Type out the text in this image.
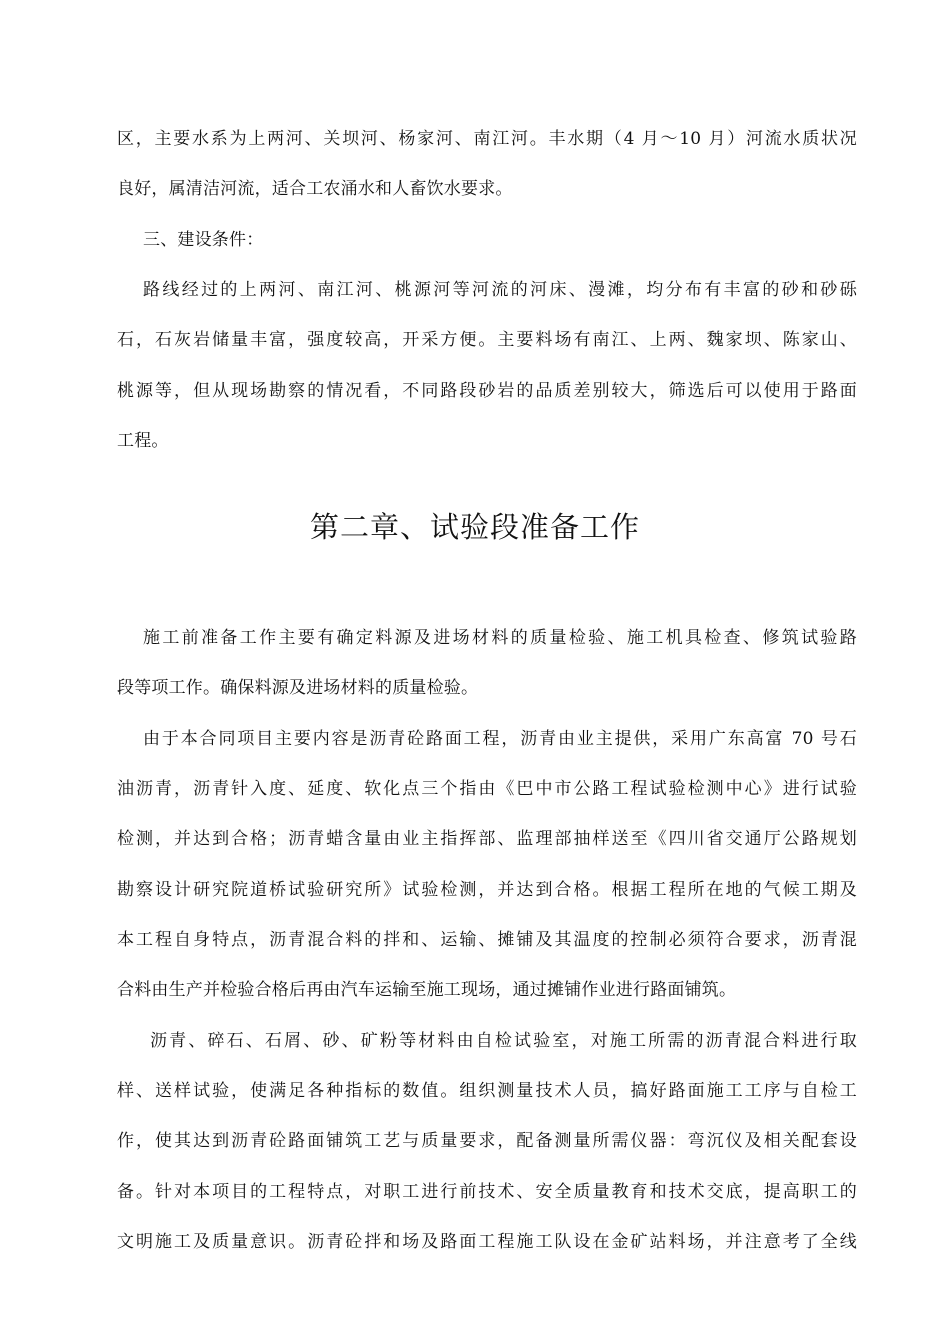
区，主要水系为上两河、关坝河、杨家河、南江河。丰水期（4 月～10 月）河流水质状况
良好，属清洁河流，适合工农涌水和人畜饮水要求。
三、建设条件：
路线经过的上两河、南江河、桃源河等河流的河床、漫滩，均分布有丰富的砂和砂砾
石，石灰岩储量丰富，强度较高，开采方便。主要料场有南江、上两、魏家坝、陈家山、
桃源等，但从现场勘察的情况看，不同路段砂岩的品质差别较大，筛选后可以使用于路面
工程。
第二章、试验段准备工作
施工前准备工作主要有确定料源及进场材料的质量检验、施工机具检查、修筑试验路
段等项工作。确保料源及进场材料的质量检验。
由于本合同项目主要内容是沥青砼路面工程，沥青由业主提供，采用广东高富 70 号石
油沥青，沥青针入度、延度、软化点三个指由《巴中市公路工程试验检测中心》进行试验
检测，并达到合格；沥青蜡含量由业主指挥部、监理部抽样送至《四川省交通厅公路规划
勘察设计研究院道桥试验研究所》试验检测，并达到合格。根据工程所在地的气候工期及
本工程自身特点，沥青混合料的拌和、运输、摊铺及其温度的控制必须符合要求，沥青混
合料由生产并检验合格后再由汽车运输至施工现场，通过摊铺作业进行路面铺筑。
沥青、碎石、石屑、砂、矿粉等材料由自检试验室，对施工所需的沥青混合料进行取
样、送样试验，使满足各种指标的数值。组织测量技术人员，搞好路面施工工序与自检工
作，使其达到沥青砼路面铺筑工艺与质量要求，配备测量所需仪器：弯沉仪及相关配套设
备。针对本项目的工程特点，对职工进行前技术、安全质量教育和技术交底，提高职工的
文明施工及质量意识。沥青砼拌和场及路面工程施工队设在金矿站料场，并注意考了全线
